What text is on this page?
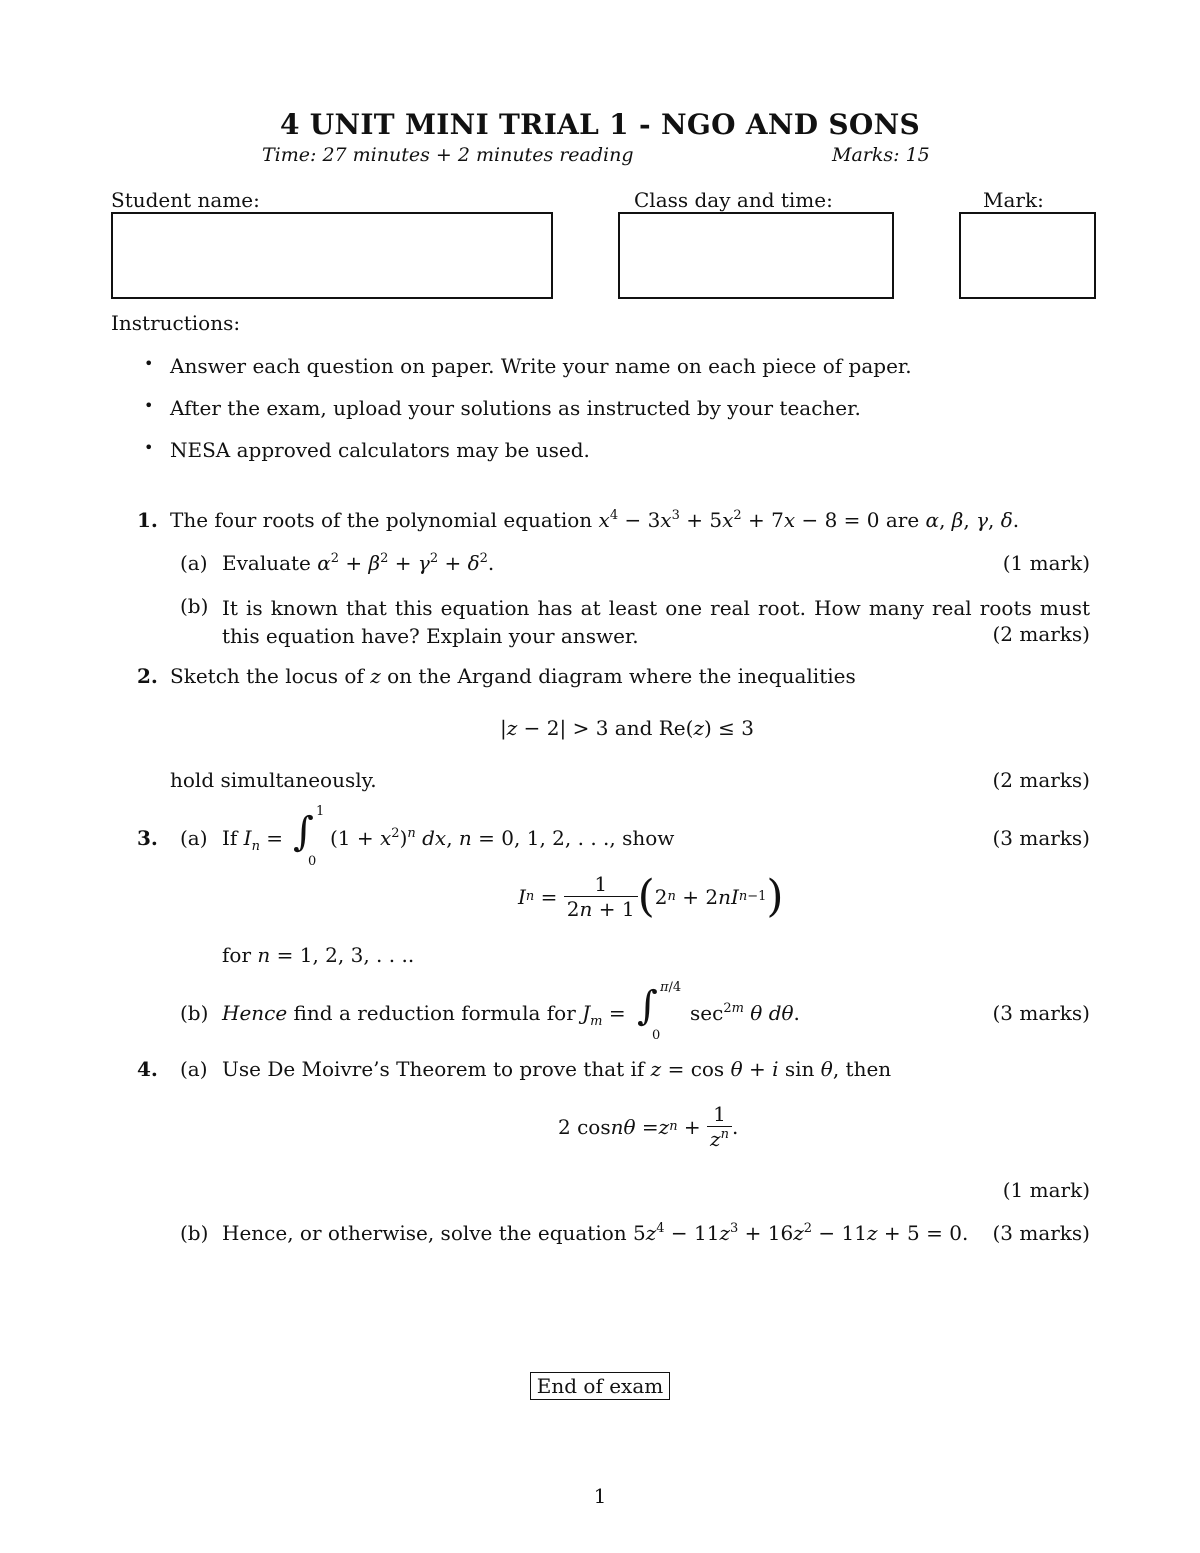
4 UNIT MINI TRIAL 1 - NGO AND SONS
Time: 27 minutes + 2 minutes reading	Marks: 15
Student name:	Class day and time:	Mark:
Instructions:
• Answer each question on paper. Write your name on each piece of paper.
• After the exam, upload your solutions as instructed by your teacher.
• NESA approved calculators may be used.
1. The four roots of the polynomial equation $x^4 - 3x^3 + 5x^2 + 7x - 8 = 0$ are α, β, γ, δ.
(a) Evaluate $\alpha^2 + \beta^2 + \gamma^2 + \delta^2$.	(1 mark)
(b) It is known that this equation has at least one real root. How many real roots must this equation have? Explain your answer.	(2 marks)
2. Sketch the locus of z on the Argand diagram where the inequalities
|z − 2| > 3 and Re(z) ≤ 3
hold simultaneously.	(2 marks)
3. (a) If $I_n$ = ∫ 1
0
$(1 + x^2)^n$ dx, n = 0, 1, 2, . . ., show	(3 marks)
I $n = \frac{1}{2n + 1}$ ( 2 n + 2 n I n−1 )
for n = 1, 2, 3, . . ..
(b) Hence find a reduction formula for $J_m$ = ∫ π/4
0
$\sec^{2m} \theta$ dθ.	(3 marks)
4. (a) Use De Moivre’s Theorem to prove that if z = cos θ + i sin θ, then
2 cos nθ = z $n + \frac{1}{z^n}$ .
(1 mark)
(b) Hence, or otherwise, solve the equation $5z^4 - 11z^3 + 16z^2 - 11z + 5 = 0$.	(3 marks)
End of exam
1
